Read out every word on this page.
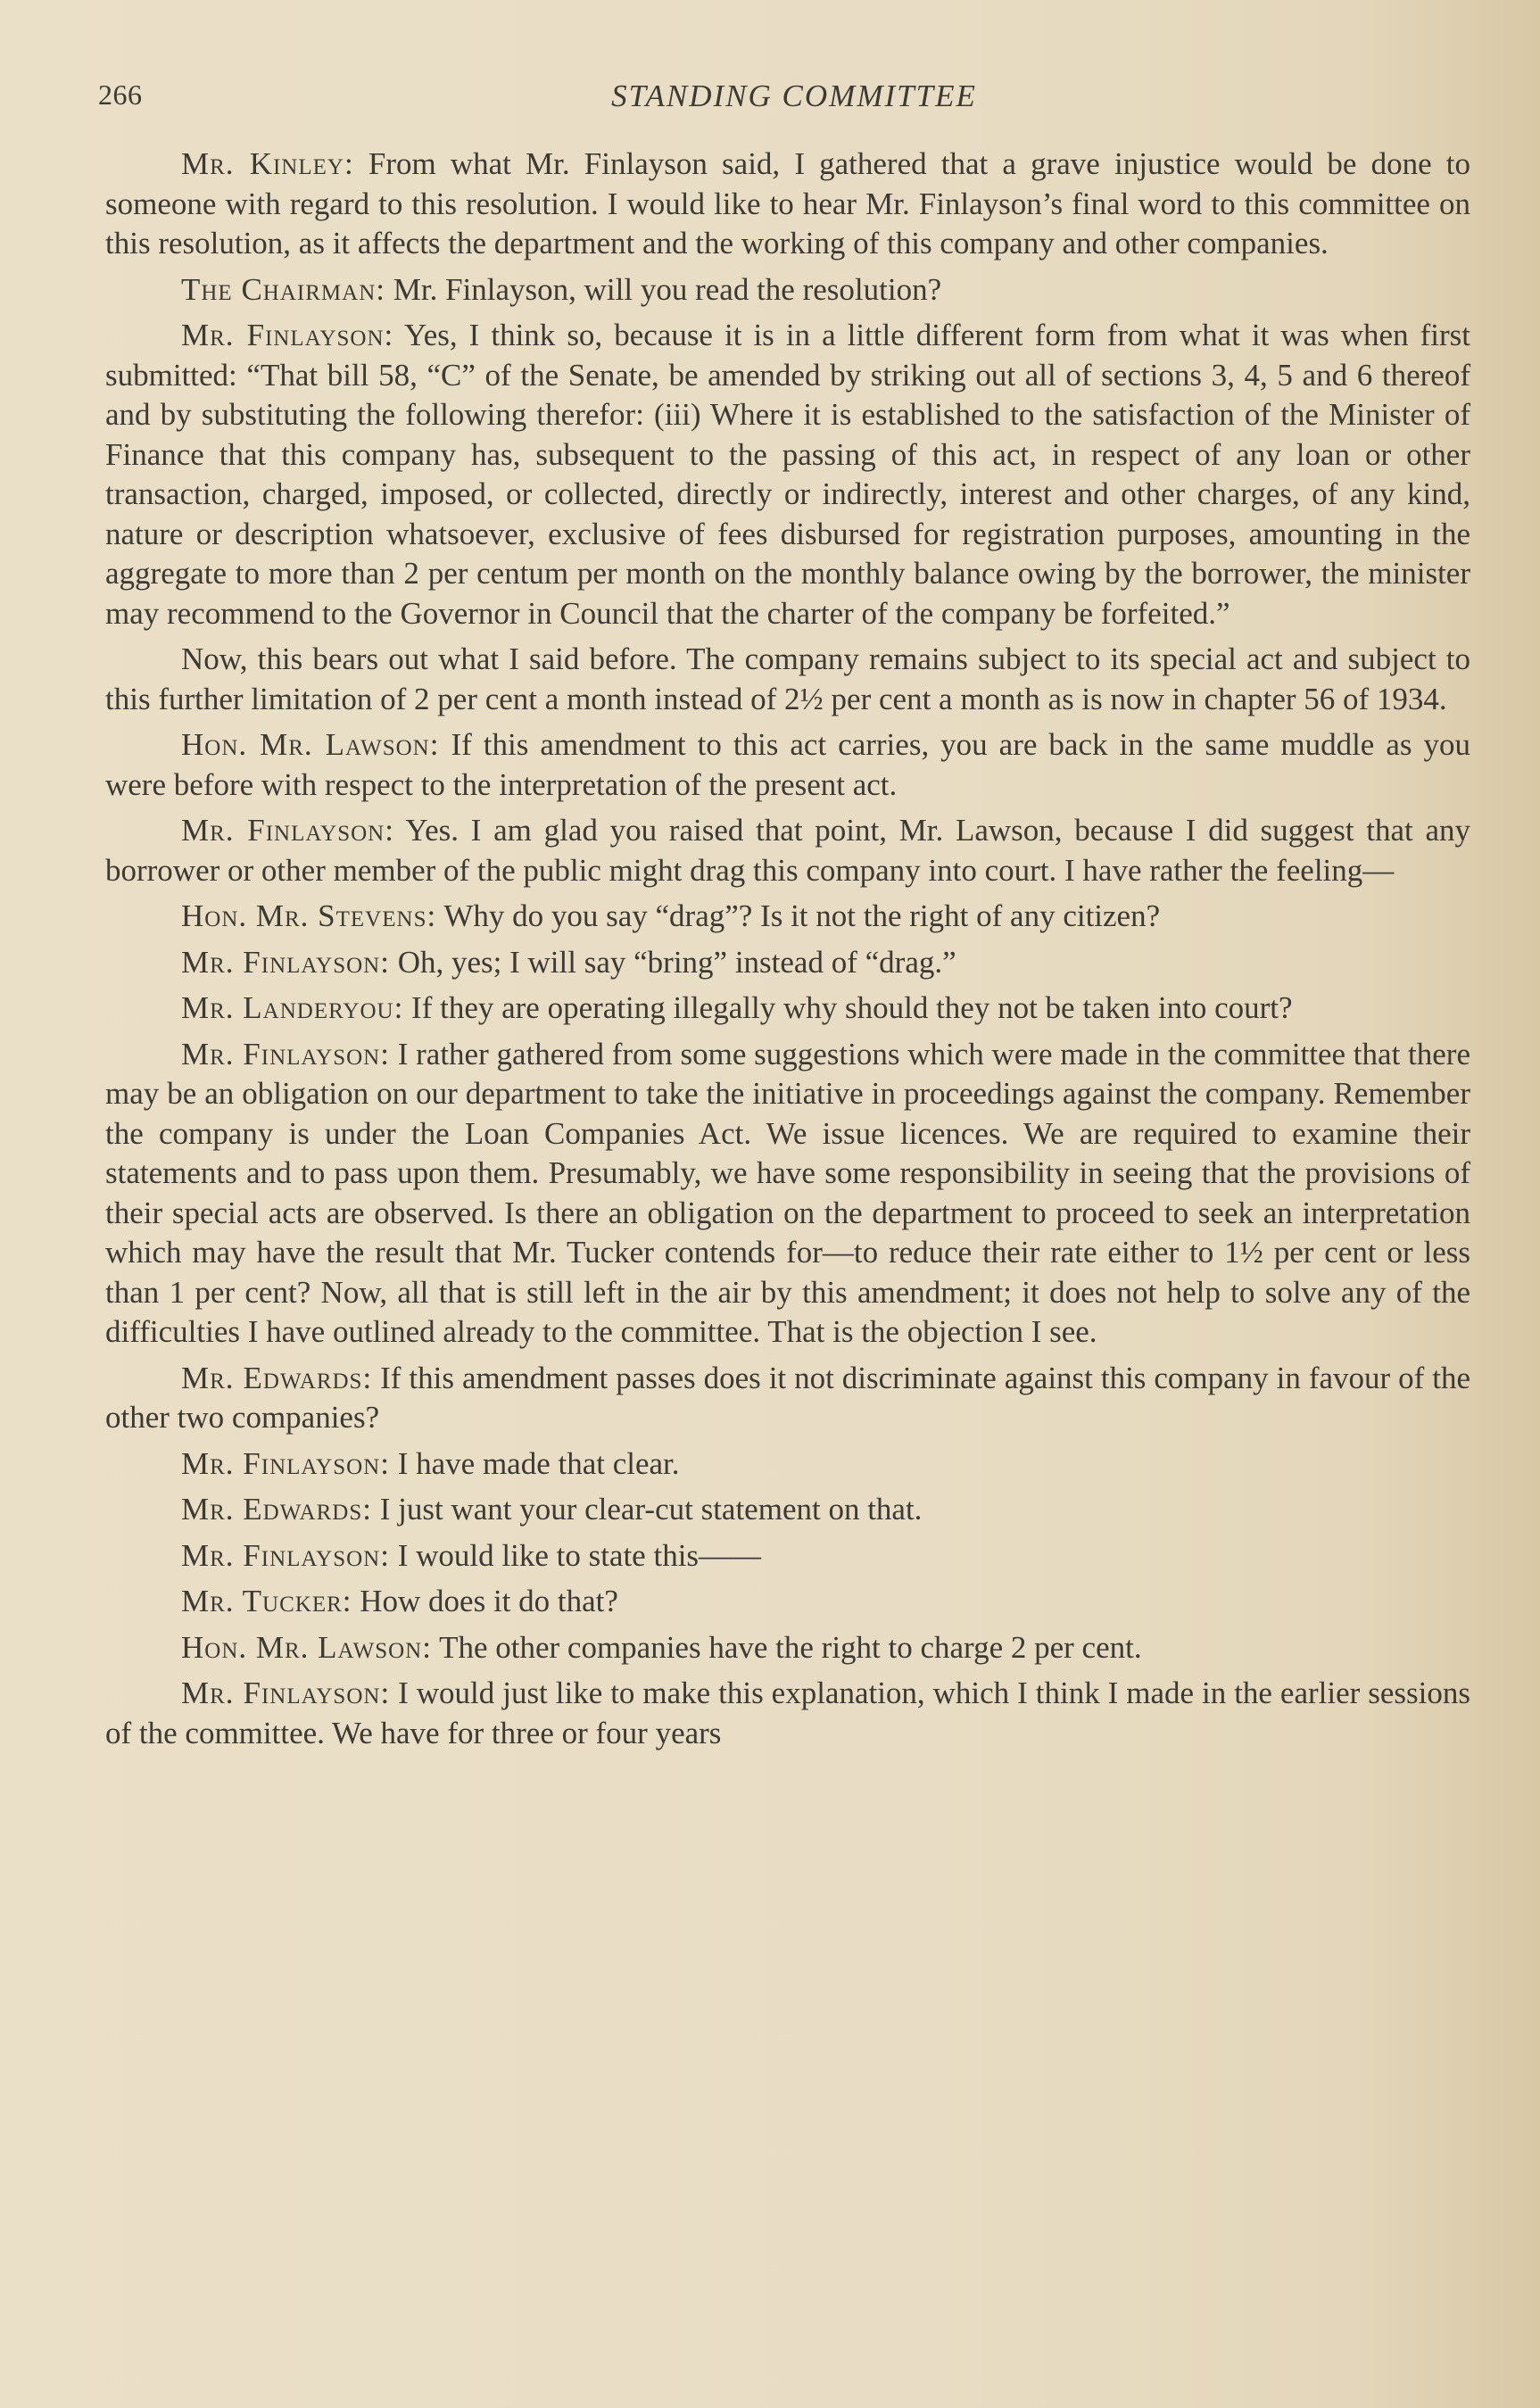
266	STANDING COMMITTEE

Mr. Kinley: From what Mr. Finlayson said, I gathered that a grave injustice would be done to someone with regard to this resolution. I would like to hear Mr. Finlayson’s final word to this committee on this resolution, as it affects the department and the working of this company and other companies.

The Chairman: Mr. Finlayson, will you read the resolution?

Mr. Finlayson: Yes, I think so, because it is in a little different form from what it was when first submitted: “That bill 58, “C” of the Senate, be amended by striking out all of sections 3, 4, 5 and 6 thereof and by substituting the following therefor: (iii) Where it is established to the satisfaction of the Minister of Finance that this company has, subsequent to the passing of this act, in respect of any loan or other transaction, charged, imposed, or collected, directly or indirectly, interest and other charges, of any kind, nature or description whatsoever, exclusive of fees disbursed for registration purposes, amounting in the aggregate to more than 2 per centum per month on the monthly balance owing by the borrower, the minister may recommend to the Governor in Council that the charter of the company be forfeited.”

Now, this bears out what I said before. The company remains subject to its special act and subject to this further limitation of 2 per cent a month instead of 2½ per cent a month as is now in chapter 56 of 1934.

Hon. Mr. Lawson: If this amendment to this act carries, you are back in the same muddle as you were before with respect to the interpretation of the present act.

Mr. Finlayson: Yes. I am glad you raised that point, Mr. Lawson, because I did suggest that any borrower or other member of the public might drag this company into court. I have rather the feeling—

Hon. Mr. Stevens: Why do you say “drag”? Is it not the right of any citizen?

Mr. Finlayson: Oh, yes; I will say “bring” instead of “drag.”

Mr. Landeryou: If they are operating illegally why should they not be taken into court?

Mr. Finlayson: I rather gathered from some suggestions which were made in the committee that there may be an obligation on our department to take the initiative in proceedings against the company. Remember the company is under the Loan Companies Act. We issue licences. We are required to examine their statements and to pass upon them. Presumably, we have some responsibility in seeing that the provisions of their special acts are observed. Is there an obligation on the department to proceed to seek an interpretation which may have the result that Mr. Tucker contends for—to reduce their rate either to 1½ per cent or less than 1 per cent? Now, all that is still left in the air by this amendment; it does not help to solve any of the difficulties I have outlined already to the committee. That is the objection I see.

Mr. Edwards: If this amendment passes does it not discriminate against this company in favour of the other two companies?

Mr. Finlayson: I have made that clear.

Mr. Edwards: I just want your clear-cut statement on that.

Mr. Finlayson: I would like to state this——

Mr. Tucker: How does it do that?

Hon. Mr. Lawson: The other companies have the right to charge 2 per cent.

Mr. Finlayson: I would just like to make this explanation, which I think I made in the earlier sessions of the committee. We have for three or four years
